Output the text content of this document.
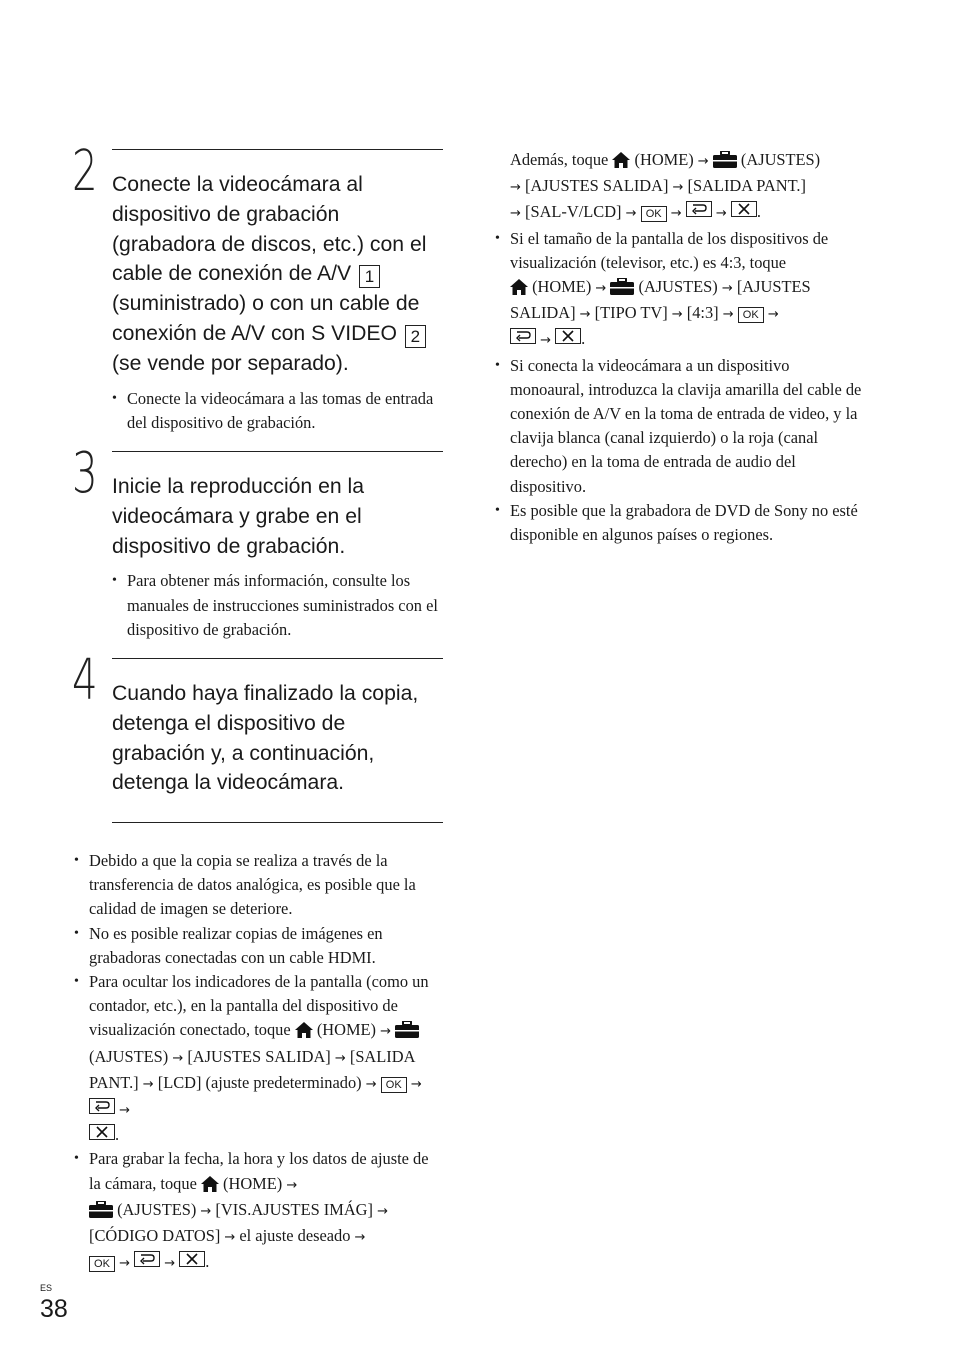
2 Conecte la videocámara al dispositivo de grabación (grabadora de discos, etc.) con el cable de conexión de A/V 1 (suministrado) o con un cable de conexión de A/V con S VIDEO 2 (se vende por separado).

• Conecte la videocámara a las tomas de entrada del dispositivo de grabación.
3 Inicie la reproducción en la videocámara y grabe en el dispositivo de grabación.

• Para obtener más información, consulte los manuales de instrucciones suministrados con el dispositivo de grabación.
4 Cuando haya finalizado la copia, detenga el dispositivo de grabación y, a continuación, detenga la videocámara.

• Debido a que la copia se realiza a través de la transferencia de datos analógica, es posible que la calidad de imagen se deteriore.
• No es posible realizar copias de imágenes en grabadoras conectadas con un cable HDMI.
• Para ocultar los indicadores de la pantalla (como un contador, etc.), en la pantalla del dispositivo de visualización conectado, toque
(HOME) →
(AJUSTES) → [AJUSTES SALIDA] → [SALIDA PANT.] → [LCD] (ajuste predeterminado) → OK →
→

.
• Para grabar la fecha, la hora y los datos de ajuste de la cámara, toque
(HOME) →

(AJUSTES) → [VIS.AJUSTES IMÁG] → [CÓDIGO DATOS] → el ajuste deseado →
OK →	→ .
Además, toque
(HOME) →
(AJUSTES)
→ [AJUSTES SALIDA] → [SALIDA PANT.]
→ [SAL-V/LCD] → OK →	→ .
• Si el tamaño de la pantalla de los dispositivos de visualización (televisor, etc.) es 4:3, toque

(HOME) →
(AJUSTES) → [AJUSTES SALIDA] → [TIPO TV] → [4:3] → OK →

→ .
• Si conecta la videocámara a un dispositivo monoaural, introduzca la clavija amarilla del cable de conexión de A/V en la toma de entrada de video, y la clavija blanca (canal izquierdo) o la roja (canal derecho) en la toma de entrada de audio del dispositivo.
• Es posible que la grabadora de DVD de Sony no esté disponible en algunos países o regiones.
ES
38
